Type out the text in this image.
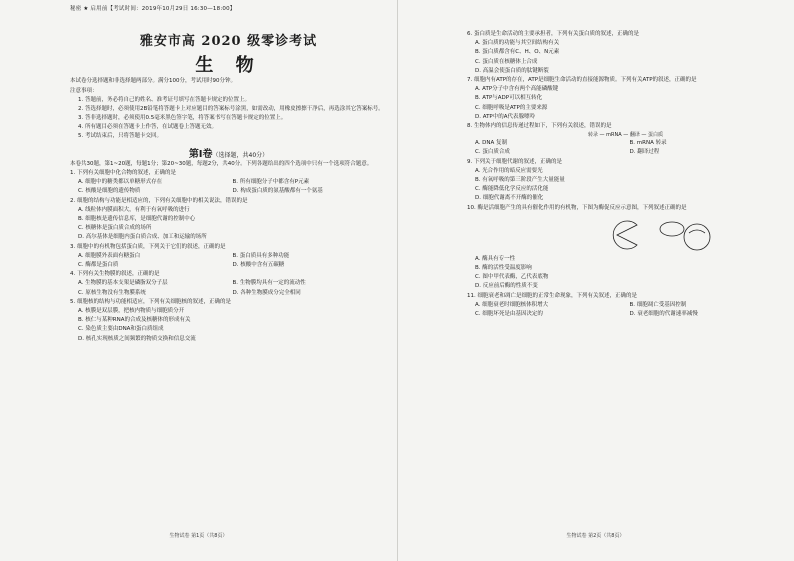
秘密 ★ 启用前【考试时间：2019年10月29日 16:30—18:00】
雅安市高 2020 级零诊考试
生 物
本试卷分选择题和非选择题两部分。满分100分，考试用时90分钟。
注意事项：
1. 答题前，务必将自己的姓名、准考证号填写在答题卡规定的位置上。
2. 答选择题时，必须使用2B铅笔将答题卡上对应题目的答案标号涂黑，如需改动，用橡皮擦擦干净后，再选涂其它答案标号。
3. 答非选择题时，必须使用0.5毫米黑色签字笔，将答案书写在答题卡规定的位置上。
4. 所有题目必须在答题卡上作答，在试题卷上答题无效。
5. 考试结束后，只将答题卡交回。
第Ⅰ卷（选择题，共40分）
本卷共30题，第1~20题，每题1分；第20~30题，每题2分，共40分。下列各题给出的四个选项中只有一个选项符合题意。
1. 下列有关细胞中化合物的叙述，正确的是
A. 细胞中的糖类都以单糖形式存在	B. 所有细胞分子中都含有P元素
C. 核酸是细胞的遗传物质	D. 构成蛋白质的氨基酸都有一个氨基
2. 细胞的结构与功能是相适应的，下列有关细胞中的相关说法，错误的是
A. 线粒体内膜面积大，有利于有氧呼吸的进行
B. 细胞核是遗传信息库，是细胞代谢的控制中心
C. 核糖体是蛋白质合成的场所
D. 高尔基体是细胞内蛋白质合成、加工和运输的场所
3. 细胞中的有机物包括蛋白质，下列关于它们的叙述，正确的是
A. 细胞膜外表面有糖蛋白	B. 蛋白质具有多种功能
C. 酶都是蛋白质	D. 核酸中含有五碳糖
4. 下列有关生物膜的叙述，正确的是
A. 生物膜的基本支架是磷脂双分子层	B. 生物膜均具有一定的流动性
C. 原核生物没有生物膜系统	D. 各种生物膜成分完全相同
5. 细胞核的结构与功能相适应，下列有关细胞核的叙述，正确的是
A. 核膜是双层膜，把核内物质与细胞质分开
B. 核仁与某种RNA的合成及核糖体的形成有关
C. 染色质主要由DNA和蛋白质组成
D. 核孔实现核质之间频繁的物质交换和信息交流
生物试卷 第1页（共8页）
6. 蛋白质是生命活动的主要承担者，下列有关蛋白质的叙述，正确的是
A. 蛋白质的功能与其空间结构有关
B. 蛋白质都含有C、H、O、N元素
C. 蛋白质在核糖体上合成
D. 高温会使蛋白质的肽键断裂
7. 细胞内有ATP的存在，ATP是细胞生命活动的直接能源物质。下列有关ATP的叙述，正确的是
A. ATP分子中含有两个高能磷酸键
B. ATP与ADP可以相互转化
C. 细胞呼吸是ATP的主要来源
D. ATP中的A代表腺嘌呤
8. 生物体内的信息传递过程如下，下列有关叙述，错误的是
转录 — mRNA — 翻译 — 蛋白质
A. DNA 复制	B. mRNA 转录
C. 蛋白质合成	D. 翻译过程
9. 下列关于细胞代谢的叙述，正确的是
A. 光合作用的暗反应需要光
B. 有氧呼吸的第三阶段产生大量能量
C. 酶能降低化学反应的活化能
D. 细胞代谢离不开酶的催化
10. 酶是活细胞产生的具有催化作用的有机物，下图为酶促反应示意图，下列叙述正确的是
A. 酶具有专一性
B. 酶的活性受温度影响
C. 图中甲代表酶，乙代表底物
D. 反应前后酶的性质不变
11. 细胞衰老和凋亡是细胞的正常生命现象，下列有关叙述，正确的是
A. 细胞衰老时细胞核体积增大	B. 细胞凋亡受基因控制
C. 细胞坏死是由基因决定的	D. 衰老细胞的代谢速率减慢
生物试卷 第2页（共8页）
